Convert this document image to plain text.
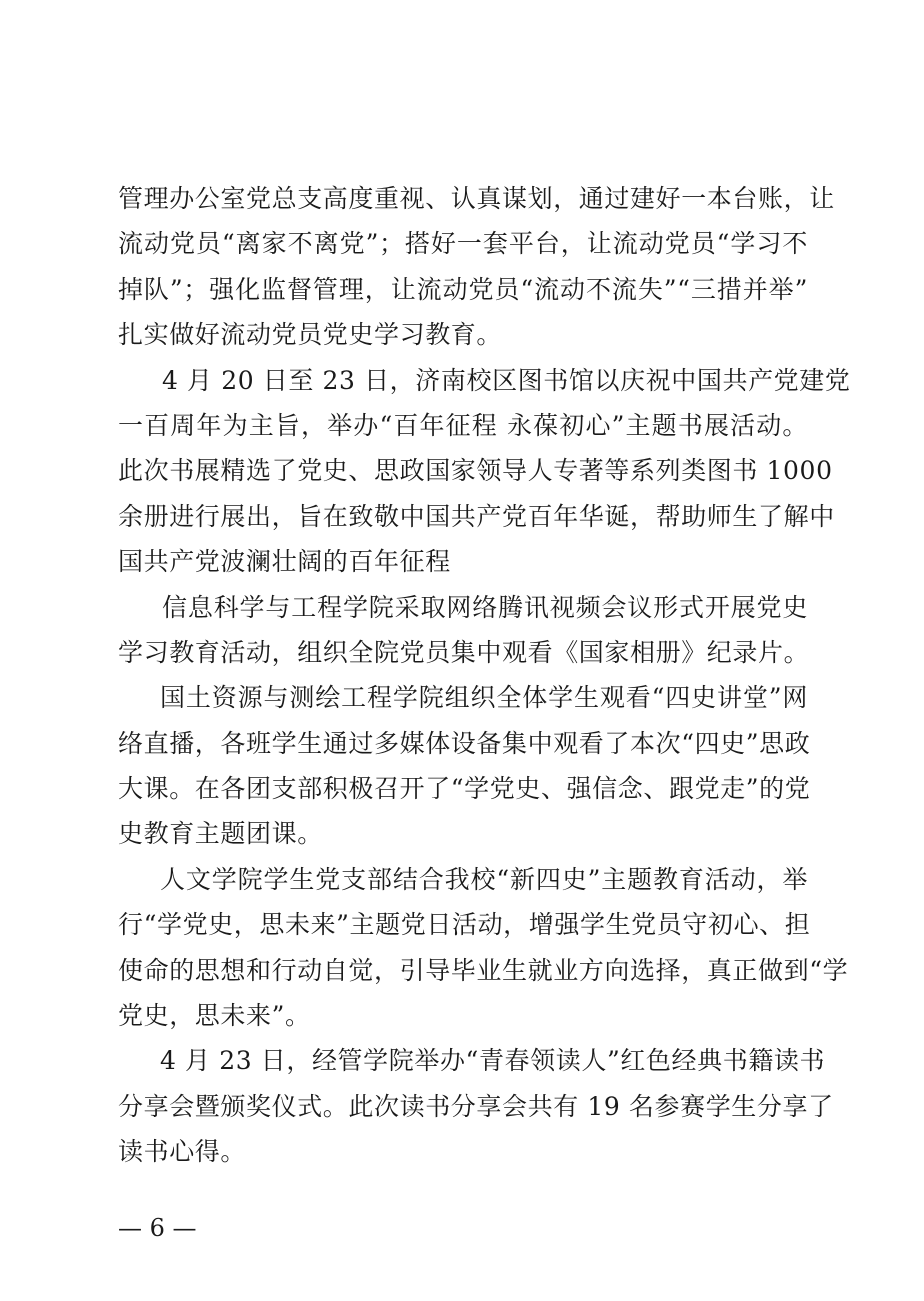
管理办公室党总支高度重视、认真谋划，通过建好一本台账，让
流动党员“离家不离党”；搭好一套平台，让流动党员“学习不
掉队”；强化监督管理，让流动党员“流动不流失”“三措并举”
扎实做好流动党员党史学习教育。
4 月 20 日至 23 日，济南校区图书馆以庆祝中国共产党建党
一百周年为主旨，举办“百年征程 永葆初心”主题书展活动。
此次书展精选了党史、思政国家领导人专著等系列类图书 1000
余册进行展出，旨在致敬中国共产党百年华诞，帮助师生了解中
国共产党波澜壮阔的百年征程
信息科学与工程学院采取网络腾讯视频会议形式开展党史
学习教育活动，组织全院党员集中观看《国家相册》纪录片。
国土资源与测绘工程学院组织全体学生观看“四史讲堂”网
络直播，各班学生通过多媒体设备集中观看了本次“四史”思政
大课。在各团支部积极召开了“学党史、强信念、跟党走”的党
史教育主题团课。
人文学院学生党支部结合我校“新四史”主题教育活动，举
行“学党史，思未来”主题党日活动，增强学生党员守初心、担
使命的思想和行动自觉，引导毕业生就业方向选择，真正做到“学
党史，思未来”。
4 月 23 日，经管学院举办“青春领读人”红色经典书籍读书
分享会暨颁奖仪式。此次读书分享会共有 19 名参赛学生分享了
读书心得。
— 6 —
